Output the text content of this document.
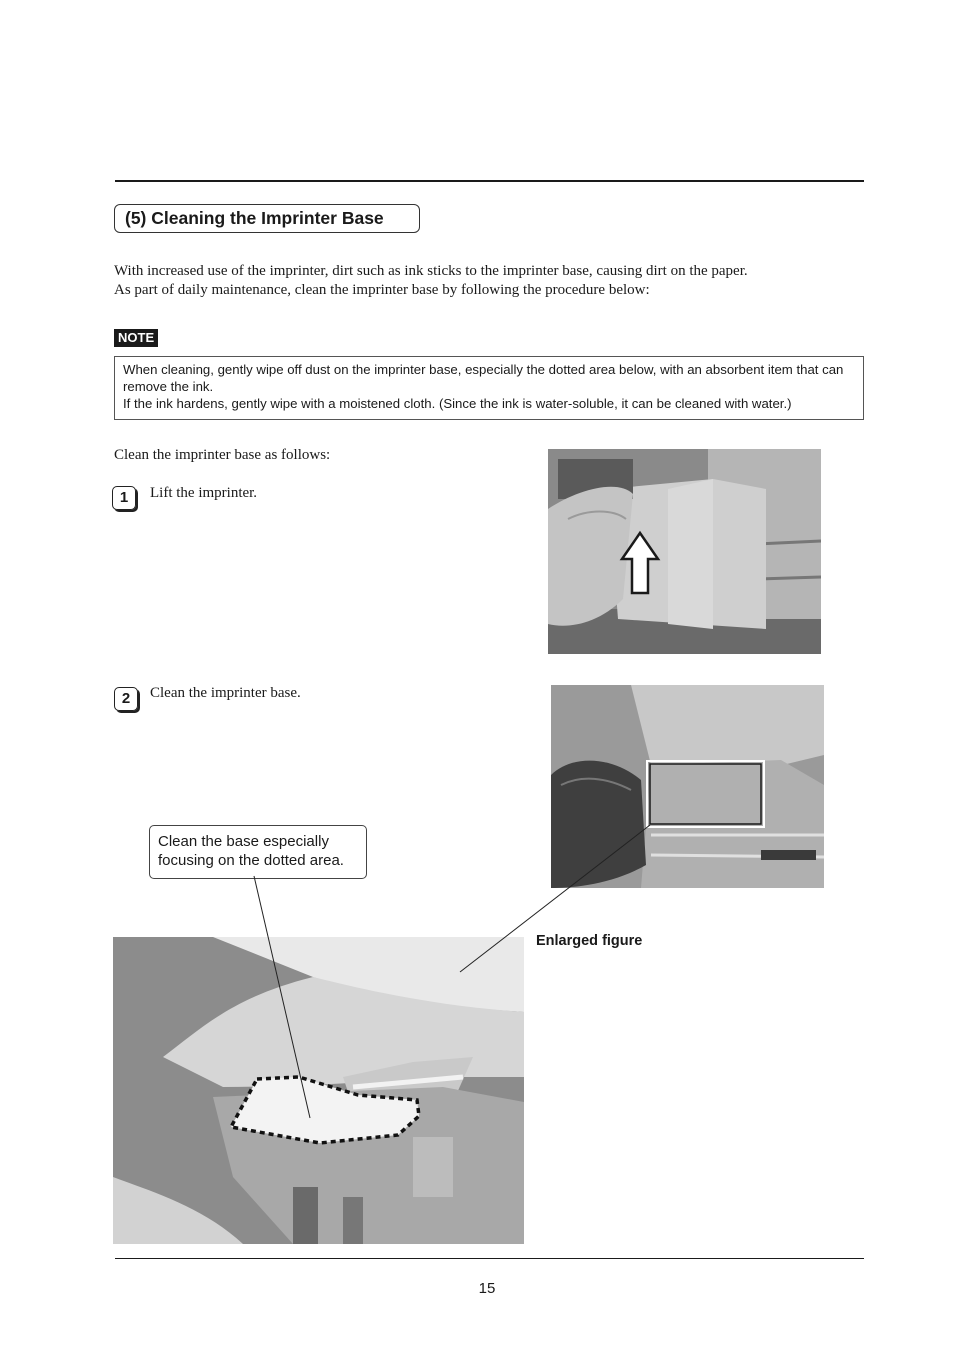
(5) Cleaning the Imprinter Base

With increased use of the imprinter, dirt such as ink sticks to the imprinter base, causing dirt on the paper.

As part of daily maintenance, clean the imprinter base by following the procedure below:

NOTE

When cleaning, gently wipe off dust on the imprinter base, especially the dotted area below, with an absorbent item that can remove the ink.

If the ink hardens, gently wipe with a moistened cloth. (Since the ink is water-soluble, it can be cleaned with water.)

Clean the imprinter base as follows:
1	Lift the imprinter.
2	Clean the imprinter base.

Clean the base especially

focusing on the dotted area.

Enlarged figure
15
